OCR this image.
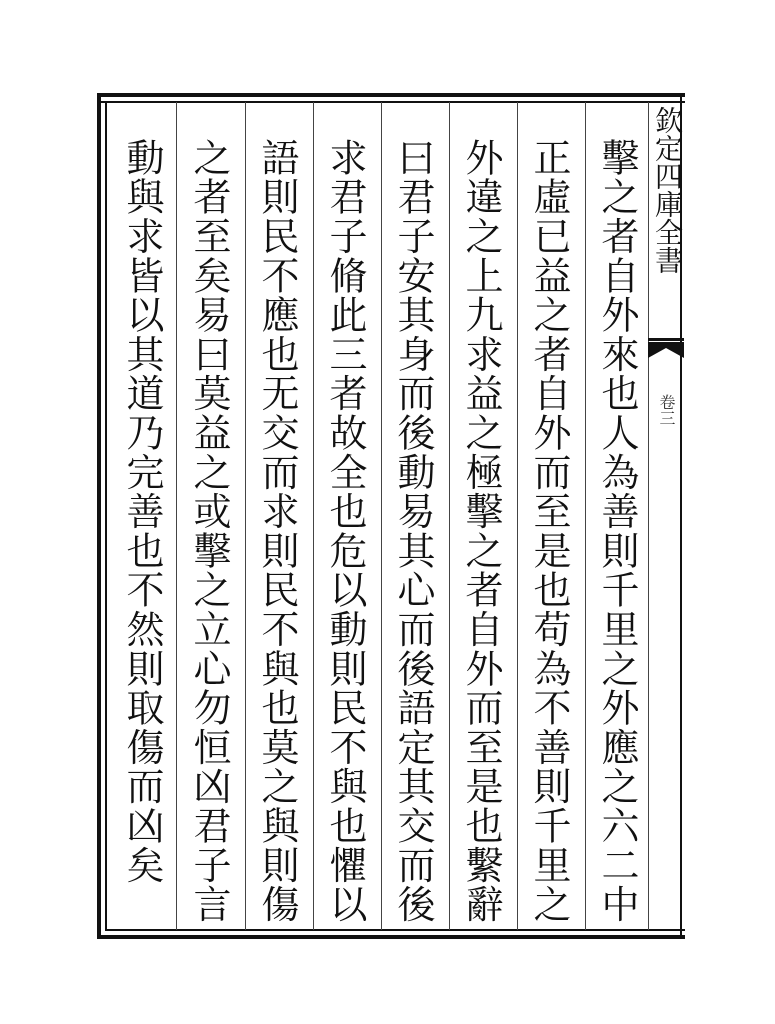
欽定四庫全書
卷三
擊之者自外來也人為善則千里之外應之六二中
正虛已益之者自外而至是也苟為不善則千里之
外違之上九求益之極擊之者自外而至是也繫辭
曰君子安其身而後動易其心而後語定其交而後
求君子脩此三者故全也危以動則民不與也懼以
語則民不應也无交而求則民不與也莫之與則傷
之者至矣易曰莫益之或擊之立心勿恒凶君子言
動與求皆以其道乃完善也不然則取傷而凶矣
